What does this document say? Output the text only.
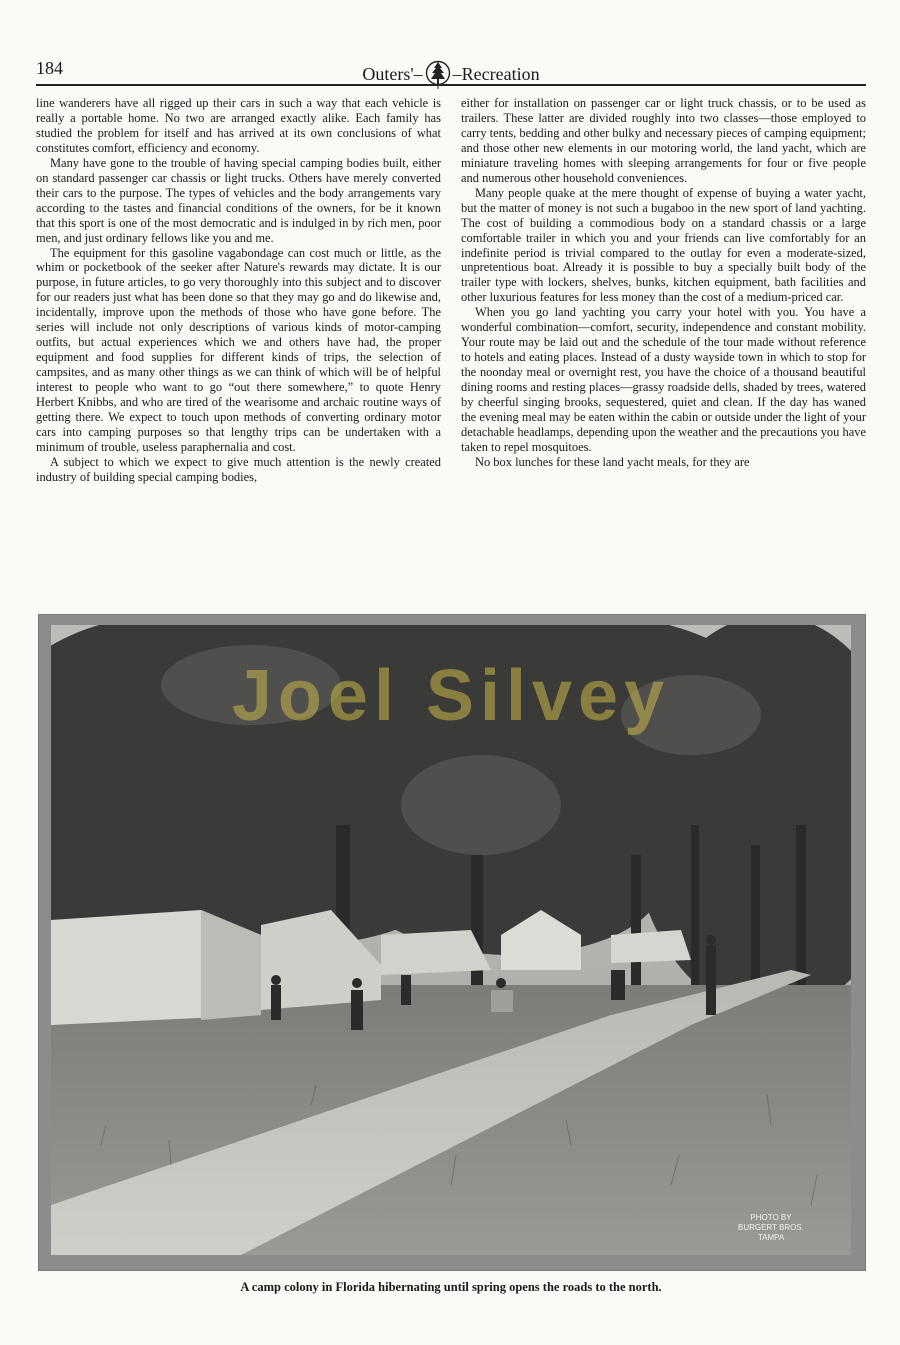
184	Outers'– –Recreation

line wanderers have all rigged up their cars in such a way that each vehicle is really a portable home. No two are arranged exactly alike. Each family has studied the problem for itself and has arrived at its own conclusions of what constitutes comfort, efficiency and economy.

Many have gone to the trouble of having special camping bodies built, either on standard passenger car chassis or light trucks. Others have merely converted their cars to the purpose. The types of vehicles and the body arrangements vary according to the tastes and financial conditions of the owners, for be it known that this sport is one of the most democratic and is indulged in by rich men, poor men, and just ordinary fellows like you and me.

The equipment for this gasoline vagabondage can cost much or little, as the whim or pocketbook of the seeker after Nature's rewards may dictate. It is our purpose, in future articles, to go very thoroughly into this subject and to discover for our readers just what has been done so that they may go and do likewise and, incidentally, improve upon the methods of those who have gone before. The series will include not only descriptions of various kinds of motor-camping outfits, but actual experiences which we and others have had, the proper equipment and food supplies for different kinds of trips, the selection of campsites, and as many other things as we can think of which will be of helpful interest to people who want to go “out there somewhere,” to quote Henry Herbert Knibbs, and who are tired of the wearisome and archaic routine ways of getting there. We expect to touch upon methods of converting ordinary motor cars into camping purposes so that lengthy trips can be undertaken with a minimum of trouble, useless paraphernalia and cost.

A subject to which we expect to give much attention is the newly created industry of building special camping bodies,

either for installation on passenger car or light truck chassis, or to be used as trailers. These latter are divided roughly into two classes—those employed to carry tents, bedding and other bulky and necessary pieces of camping equipment; and those other new elements in our motoring world, the land yacht, which are miniature traveling homes with sleeping arrangements for four or five people and numerous other household conveniences.

Many people quake at the mere thought of expense of buying a water yacht, but the matter of money is not such a bugaboo in the new sport of land yachting. The cost of building a commodious body on a standard chassis or a large comfortable trailer in which you and your friends can live comfortably for an indefinite period is trivial compared to the outlay for even a moderate-sized, unpretentious boat. Already it is possible to buy a specially built body of the trailer type with lockers, shelves, bunks, kitchen equipment, bath facilities and other luxurious features for less money than the cost of a medium-priced car.

When you go land yachting you carry your hotel with you. You have a wonderful combination—comfort, security, independence and constant mobility. Your route may be laid out and the schedule of the tour made without reference to hotels and eating places. Instead of a dusty wayside town in which to stop for the noonday meal or overnight rest, you have the choice of a thousand beautiful dining rooms and resting places—grassy roadside dells, shaded by trees, watered by cheerful singing brooks, sequestered, quiet and clean. If the day has waned the evening meal may be eaten within the cabin or outside under the light of your detachable headlamps, depending upon the weather and the precautions you have taken to repel mosquitoes.

No box lunches for these land yacht meals, for they are

Joel Silvey
PHOTO BY
BURGERT BROS.
TAMPA
A camp colony in Florida hibernating until spring opens the roads to the north.
